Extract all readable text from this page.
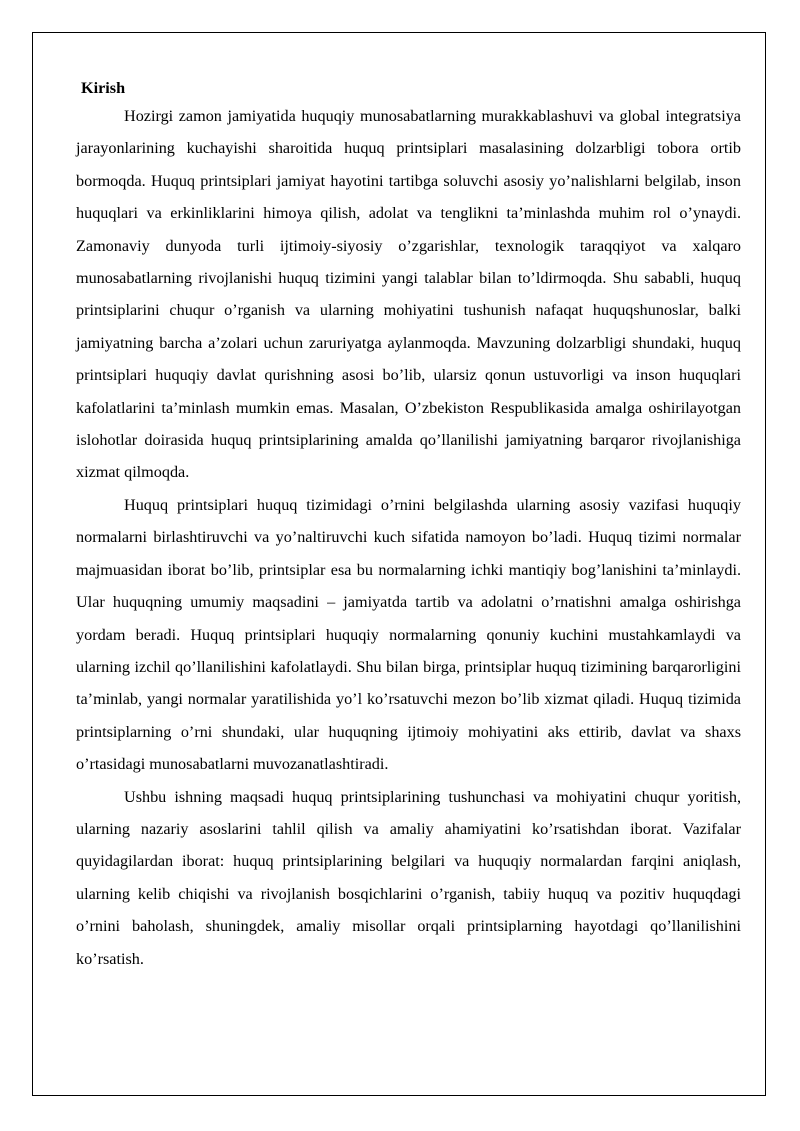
Kirish

Hozirgi zamon jamiyatida huquqiy munosabatlarning murakkablashuvi va global integratsiya jarayonlarining kuchayishi sharoitida huquq printsiplari masalasining dolzarbligi tobora ortib bormoqda. Huquq printsiplari jamiyat hayotini tartibga soluvchi asosiy yo’nalishlarni belgilab, inson huquqlari va erkinliklarini himoya qilish, adolat va tenglikni ta’minlashda muhim rol o’ynaydi. Zamonaviy dunyoda turli ijtimoiy-siyosiy o’zgarishlar, texnologik taraqqiyot va xalqaro munosabatlarning rivojlanishi huquq tizimini yangi talablar bilan to’ldirmoqda. Shu sababli, huquq printsiplarini chuqur o’rganish va ularning mohiyatini tushunish nafaqat huquqshunoslar, balki jamiyatning barcha a’zolari uchun zaruriyatga aylanmoqda. Mavzuning dolzarbligi shundaki, huquq printsiplari huquqiy davlat qurishning asosi bo’lib, ularsiz qonun ustuvorligi va inson huquqlari kafolatlarini ta’minlash mumkin emas. Masalan, O’zbekiston Respublikasida amalga oshirilayotgan islohotlar doirasida huquq printsiplarining amalda qo’llanilishi jamiyatning barqaror rivojlanishiga xizmat qilmoqda.

Huquq printsiplari huquq tizimidagi o’rnini belgilashda ularning asosiy vazifasi huquqiy normalarni birlashtiruvchi va yo’naltiruvchi kuch sifatida namoyon bo’ladi. Huquq tizimi normalar majmuasidan iborat bo’lib, printsiplar esa bu normalarning ichki mantiqiy bog’lanishini ta’minlaydi. Ular huquqning umumiy maqsadini – jamiyatda tartib va adolatni o’rnatishni amalga oshirishga yordam beradi. Huquq printsiplari huquqiy normalarning qonuniy kuchini mustahkamlaydi va ularning izchil qo’llanilishini kafolatlaydi. Shu bilan birga, printsiplar huquq tizimining barqarorligini ta’minlab, yangi normalar yaratilishida yo’l ko’rsatuvchi mezon bo’lib xizmat qiladi. Huquq tizimida printsiplarning o’rni shundaki, ular huquqning ijtimoiy mohiyatini aks ettirib, davlat va shaxs o’rtasidagi munosabatlarni muvozanatlashtiradi.

Ushbu ishning maqsadi huquq printsiplarining tushunchasi va mohiyatini chuqur yoritish, ularning nazariy asoslarini tahlil qilish va amaliy ahamiyatini ko’rsatishdan iborat. Vazifalar quyidagilardan iborat: huquq printsiplarining belgilari va huquqiy normalardan farqini aniqlash, ularning kelib chiqishi va rivojlanish bosqichlarini o’rganish, tabiiy huquq va pozitiv huquqdagi o’rnini baholash, shuningdek, amaliy misollar orqali printsiplarning hayotdagi qo’llanilishini ko’rsatish.
